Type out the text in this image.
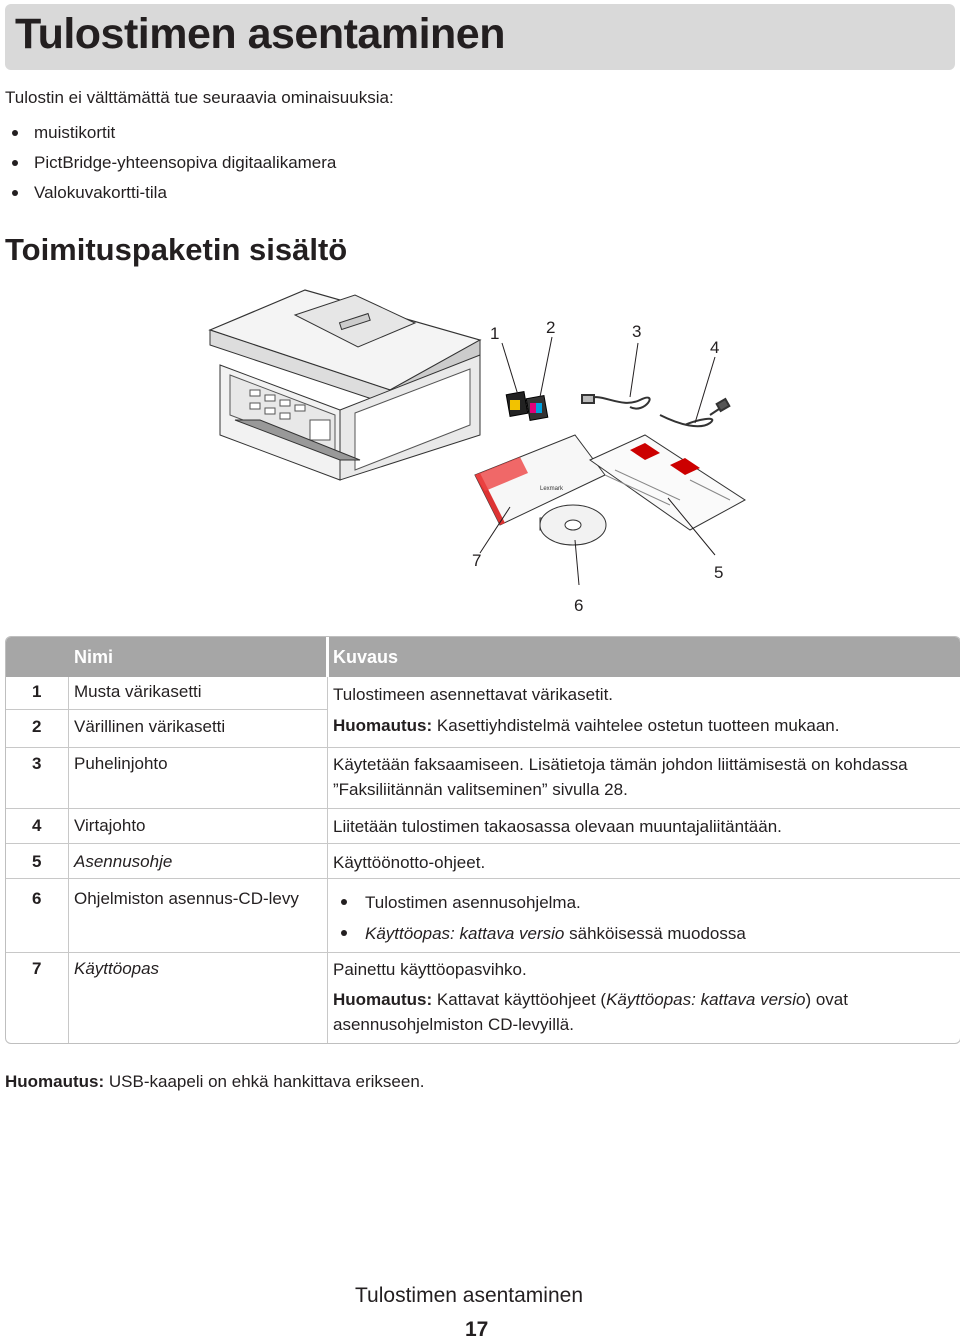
Tulostimen asentaminen
Tulostin ei välttämättä tue seuraavia ominaisuuksia:
muistikortit
PictBridge-yhteensopiva digitaalikamera
Valokuvakortti-tila
Toimituspaketin sisältö
Lexmark
1	2	3
4
5
6
7
Nimi	Kuvaus
1 Musta värikasetti	Tulostimeen asennettavat värikasetit.
2 Värillinen värikasetti	Huomautus: Kasettiyhdistelmä vaihtelee ostetun tuotteen mukaan.
3 Puhelinjohto	Käytetään faksaamiseen. Lisätietoja tämän johdon liittämisestä on kohdassa
”Faksiliitännän valitseminen” sivulla 28.
4 Virtajohto	Liitetään tulostimen takaosassa olevaan muuntajaliitäntään.
5 Asennusohje	Käyttöönotto-ohjeet.
6 Ohjelmiston asennus-CD-levy	Tulostimen asennusohjelma.
Käyttöopas: kattava versio sähköisessä muodossa
7 Käyttöopas	Painettu käyttöopasvihko.
Huomautus: Kattavat käyttöohjeet (Käyttöopas: kattava versio) ovat
asennusohjelmiston CD-levyillä.
Huomautus: USB-kaapeli on ehkä hankittava erikseen.
Tulostimen asentaminen
17
